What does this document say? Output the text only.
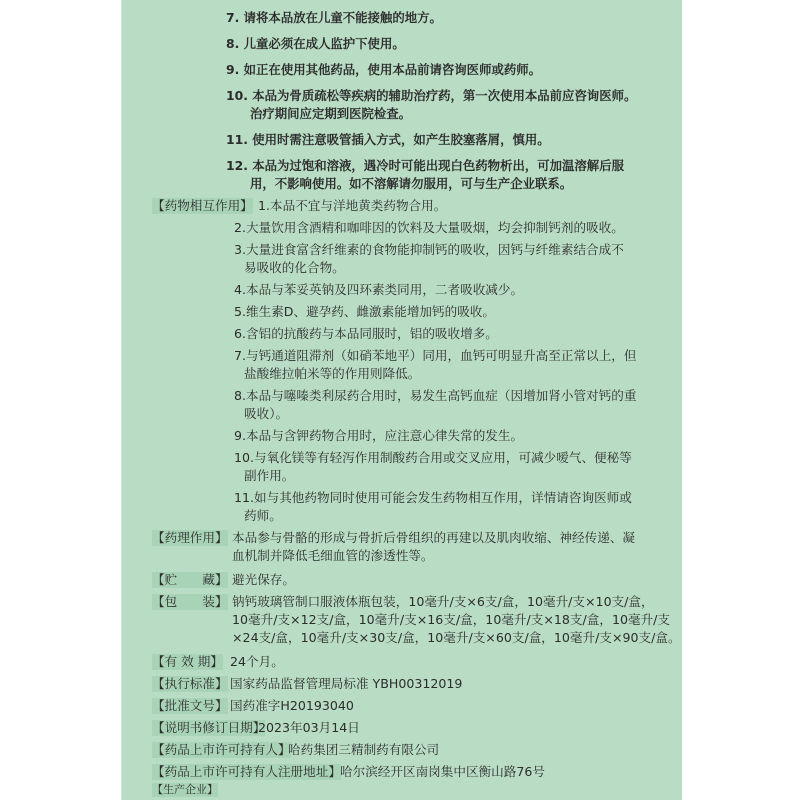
7. 请将本品放在儿童不能接触的地方。
8. 儿童必须在成人监护下使用。
9. 如正在使用其他药品，使用本品前请咨询医师或药师。
10. 本品为骨质疏松等疾病的辅助治疗药，第一次使用本品前应咨询医师。
治疗期间应定期到医院检查。
11. 使用时需注意吸管插入方式，如产生胶塞落屑，慎用。
12. 本品为过饱和溶液，遇冷时可能出现白色药物析出，可加温溶解后服
用，不影响使用。如不溶解请勿服用，可与生产企业联系。
【药物相互作用】 1.本品不宜与洋地黄类药物合用。
2.大量饮用含酒精和咖啡因的饮料及大量吸烟，均会抑制钙剂的吸收。
3.大量进食富含纤维素的食物能抑制钙的吸收，因钙与纤维素结合成不
易吸收的化合物。
4.本品与苯妥英钠及四环素类同用，二者吸收减少。
5.维生素D、避孕药、雌激素能增加钙的吸收。
6.含铝的抗酸药与本品同服时，铝的吸收增多。
7.与钙通道阻滞剂（如硝苯地平）同用，血钙可明显升高至正常以上，但
盐酸维拉帕米等的作用则降低。
8.本品与噻嗪类利尿药合用时，易发生高钙血症（因增加肾小管对钙的重
吸收）。
9.本品与含钾药物合用时，应注意心律失常的发生。
10.与氧化镁等有轻泻作用制酸药合用或交叉应用，可减少嗳气、便秘等
副作用。
11.如与其他药物同时使用可能会发生药物相互作用，详情请咨询医师或
药师。
【药理作用】 本品参与骨骼的形成与骨折后骨组织的再建以及肌肉收缩、神经传递、凝
血机制并降低毛细血管的渗透性等。
【贮　　藏】 避光保存。
【包　　装】 钠钙玻璃管制口服液体瓶包装，10毫升/支×6支/盒，10毫升/支×10支/盒，
10毫升/支×12支/盒，10毫升/支×16支/盒，10毫升/支×18支/盒，10毫升/支
×24支/盒，10毫升/支×30支/盒，10毫升/支×60支/盒，10毫升/支×90支/盒。
【有 效 期】 24个月。
【执行标准】 国家药品监督管理局标准 YBH00312019
【批准文号】 国药准字H20193040
【说明书修订日期】
2023年03月14日
【药品上市许可持有人】
哈药集团三精制药有限公司
【药品上市许可持有人注册地址】 哈尔滨经开区南岗集中区衡山路76号
【生产企业】
